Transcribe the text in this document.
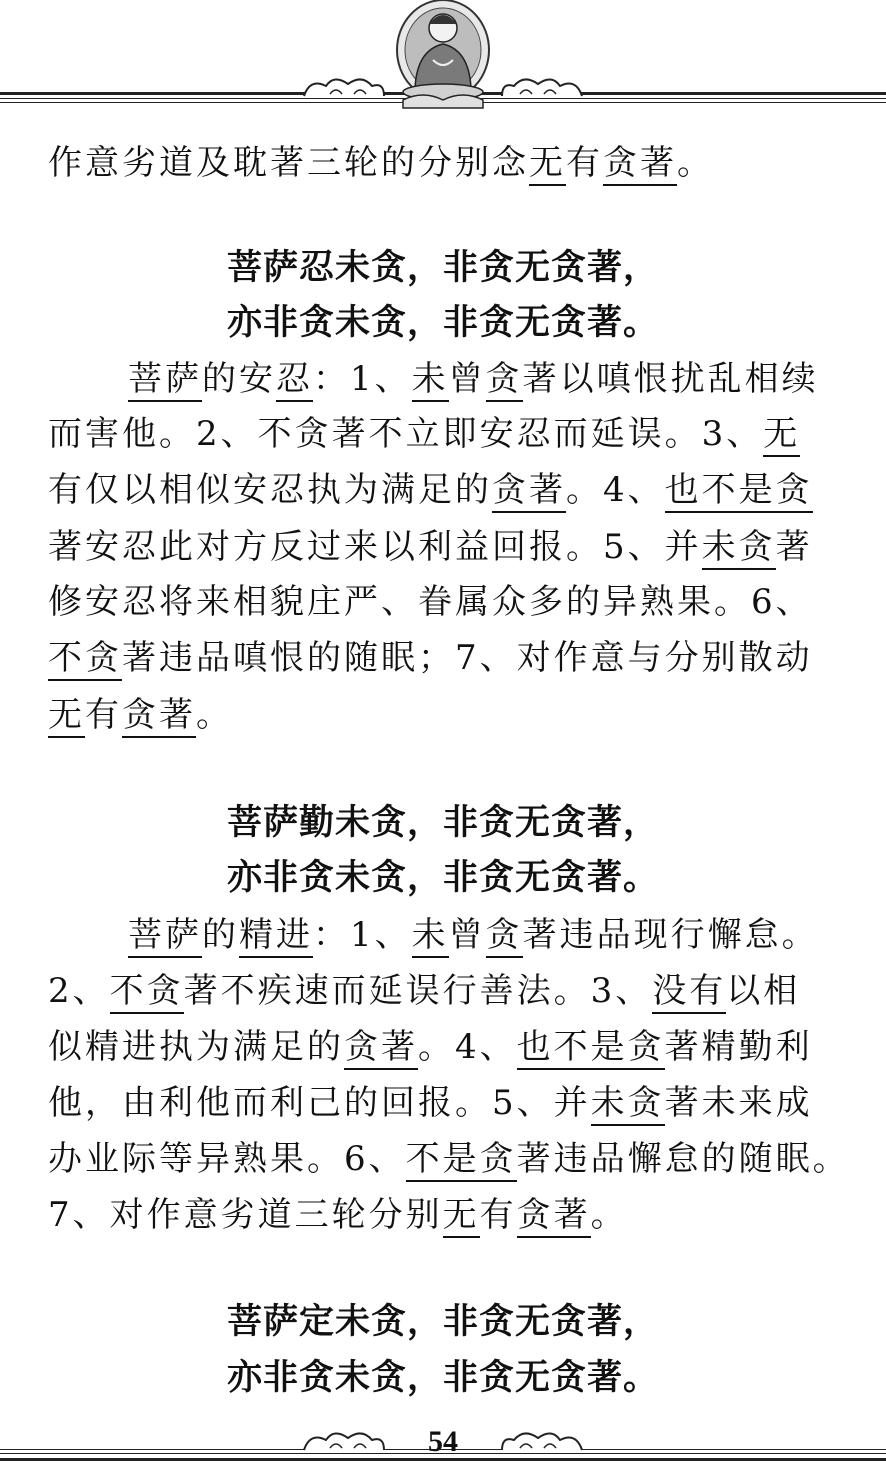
作意劣道及耽著三轮的分别念无有贪著。
菩萨忍未贪，非贪无贪著，
亦非贪未贪，非贪无贪著。
菩萨的安忍：1、未曾贪著以嗔恨扰乱相续
而害他。2、不贪著不立即安忍而延误。3、无
有仅以相似安忍执为满足的贪著。4、也不是贪
著安忍此对方反过来以利益回报。5、并未贪著
修安忍将来相貌庄严、眷属众多的异熟果。6、
不贪著违品嗔恨的随眠；7、对作意与分别散动
无有贪著。
菩萨勤未贪，非贪无贪著，
亦非贪未贪，非贪无贪著。
菩萨的精进：1、未曾贪著违品现行懈怠。
2、不贪著不疾速而延误行善法。3、没有以相
似精进执为满足的贪著。4、也不是贪著精勤利
他，由利他而利己的回报。5、并未贪著未来成
办业际等异熟果。6、不是贪著违品懈怠的随眠。
7、对作意劣道三轮分别无有贪著。
菩萨定未贪，非贪无贪著，
亦非贪未贪，非贪无贪著。
54
